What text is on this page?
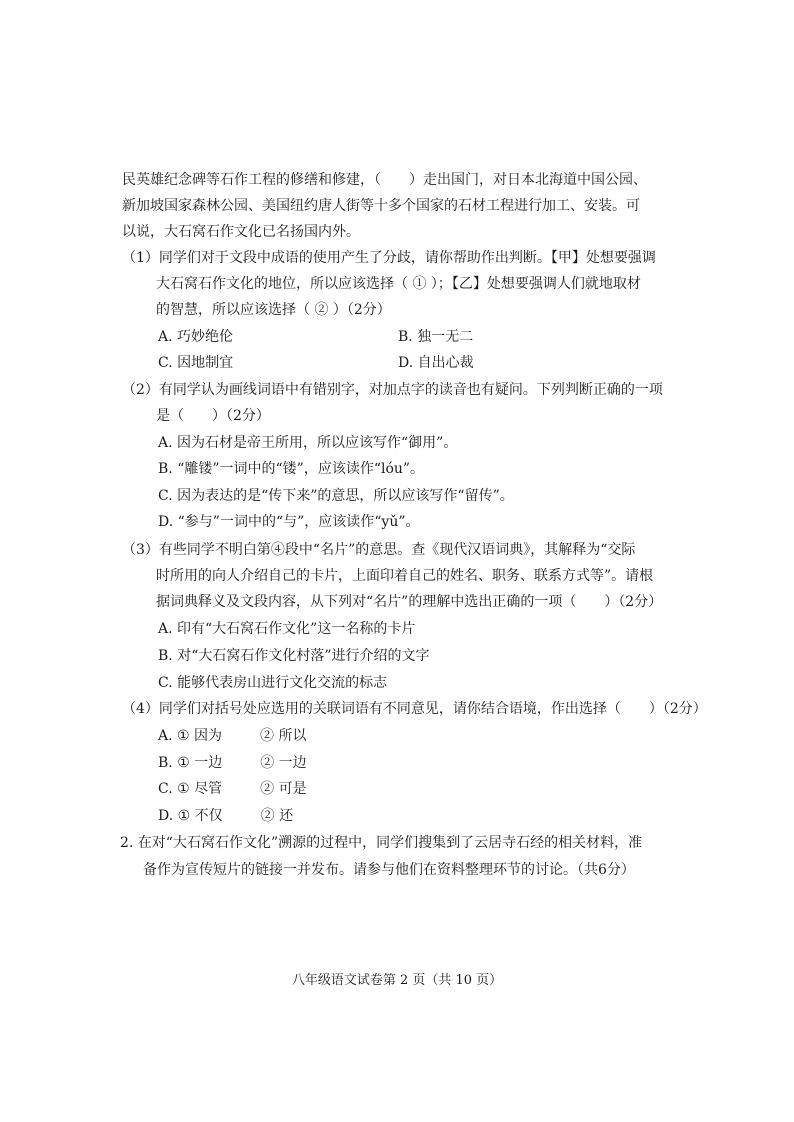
民英雄纪念碑等石作工程的修缮和修建，（　　）走出国门，对日本北海道中国公园、
新加坡国家森林公园、美国纽约唐人街等十多个国家的石材工程进行加工、安装。可
以说，大石窝石作文化已名扬国内外。
（1）同学们对于文段中成语的使用产生了分歧，请你帮助作出判断。【甲】处想要强调
大石窝石作文化的地位，所以应该选择（ ① ）；【乙】处想要强调人们就地取材
的智慧，所以应该选择（ ② ）（2分）
A. 巧妙绝伦	B. 独一无二
C. 因地制宜	D. 自出心裁
（2）有同学认为画线词语中有错别字，对加点字的读音也有疑问。下列判断正确的一项
是（　　）（2分）
A. 因为石材是帝王所用，所以应该写作“御用”。
B. “雕镂”一词中的“镂”，应该读作“lóu”。
C. 因为表达的是“传下来”的意思，所以应该写作“留传”。
D. “参与”一词中的“与”，应该读作“yǔ”。
（3）有些同学不明白第④段中“名片”的意思。查《现代汉语词典》，其解释为“交际
时所用的向人介绍自己的卡片，上面印着自己的姓名、职务、联系方式等”。请根
据词典释义及文段内容，从下列对“名片”的理解中选出正确的一项（　　）（2分）
A. 印有“大石窝石作文化”这一名称的卡片
B. 对“大石窝石作文化村落”进行介绍的文字
C. 能够代表房山进行文化交流的标志
（4）同学们对括号处应选用的关联词语有不同意见，请你结合语境，作出选择（　　）（2分）
A. ① 因为	② 所以
B. ① 一边	② 一边
C. ① 尽管	② 可是
D. ① 不仅	② 还
2. 在对“大石窝石作文化”溯源的过程中，同学们搜集到了云居寺石经的相关材料，准
备作为宣传短片的链接一并发布。请参与他们在资料整理环节的讨论。（共6分）
八年级语文试卷第 2 页（共 10 页）
